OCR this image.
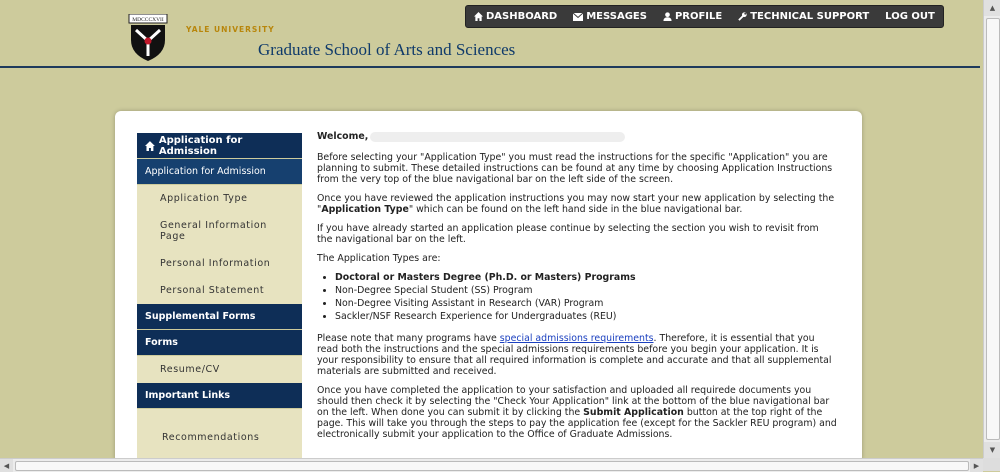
MDCCCXVII
YALE UNIVERSITY
Graduate School of Arts and Sciences
DASHBOARD	MESSAGES	PROFILE	TECHNICAL SUPPORT LOG OUT
Application for Admission
Application for Admission
Application Type
General Information Page
Personal Information
Personal Statement
Supplemental Forms
Forms
Resume/CV
Important Links
Recommendations

Welcome,

Before selecting your "Application Type" you must read the instructions for the specific "Application" you are planning to submit. These detailed instructions can be found at any time by choosing Application Instructions from the very top of the blue navigational bar on the left side of the screen.

Once you have reviewed the application instructions you may now start your new application by selecting the "Application Type" which can be found on the left hand side in the blue navigational bar.

If you have already started an application please continue by selecting the section you wish to revisit from the navigational bar on the left.

The Application Types are:

• Doctoral or Masters Degree (Ph.D. or Masters) Programs
• Non-Degree Special Student (SS) Program
• Non-Degree Visiting Assistant in Research (VAR) Program
• Sackler/NSF Research Experience for Undergraduates (REU)

Please note that many programs have special admissions requirements. Therefore, it is essential that you read both the instructions and the special admissions requirements before you begin your application. It is your responsibility to ensure that all required information is complete and accurate and that all supplemental materials are submitted and received.

Once you have completed the application to your satisfaction and uploaded all requirede documents you should then check it by selecting the "Check Your Application" link at the bottom of the blue navigational bar on the left. When done you can submit it by clicking the Submit Application button at the top right of the page. This will take you through the steps to pay the application fee (except for the Sackler REU program) and electronically submit your application to the Office of Graduate Admissions.

▲
▼
◀	▶
